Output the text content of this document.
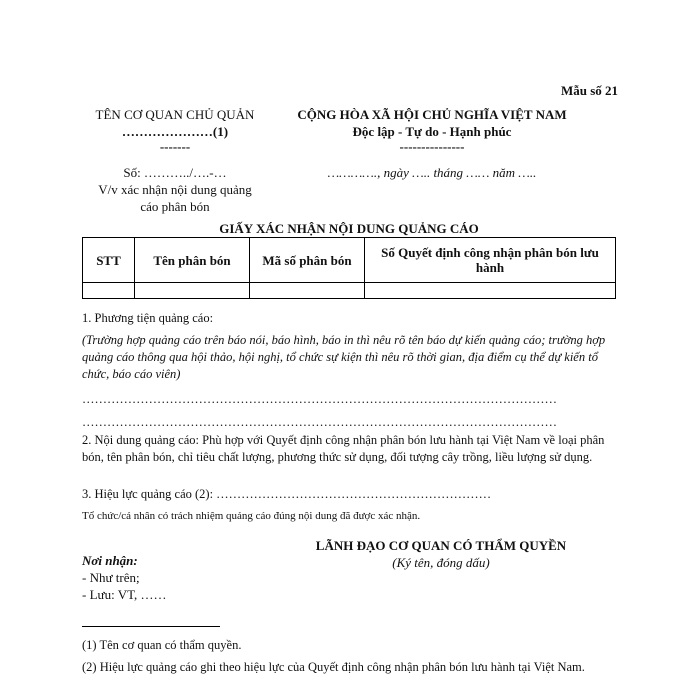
Mẫu số 21
TÊN CƠ QUAN CHỦ QUẢN
…………………(1)
-------
Số: ………../….-…
V/v xác nhận nội dung quảng
cáo phân bón
CỘNG HÒA XÃ HỘI CHỦ NGHĨA VIỆT NAM
Độc lập - Tự do - Hạnh phúc
---------------
…………., ngày ….. tháng …… năm …..
GIẤY XÁC NHẬN NỘI DUNG QUẢNG CÁO
STT	Tên phân bón	Mã số phân bón	Số Quyết định công nhận phân bón lưu hành

1. Phương tiện quảng cáo:
(Trường hợp quảng cáo trên báo nói, báo hình, báo in thì nêu rõ tên báo dự kiến quảng cáo; trường hợp quảng cáo thông qua hội thảo, hội nghị, tổ chức sự kiện thì nêu rõ thời gian, địa điểm cụ thể dự kiến tổ chức, báo cáo viên)
……………………………………………………………………………………………………
……………………………………………………………………………………………………
2. Nội dung quảng cáo: Phù hợp với Quyết định công nhận phân bón lưu hành tại Việt Nam về loại phân bón, tên phân bón, chỉ tiêu chất lượng, phương thức sử dụng, đối tượng cây trồng, liều lượng sử dụng.
3. Hiệu lực quảng cáo (2): …………………………………………………………
Tổ chức/cá nhân có trách nhiệm quảng cáo đúng nội dung đã được xác nhận.
LÃNH ĐẠO CƠ QUAN CÓ THẨM QUYỀN
(Ký tên, đóng dấu)
Nơi nhận:
- Như trên;
- Lưu: VT, ……
(1) Tên cơ quan có thẩm quyền.
(2) Hiệu lực quảng cáo ghi theo hiệu lực của Quyết định công nhận phân bón lưu hành tại Việt Nam.
